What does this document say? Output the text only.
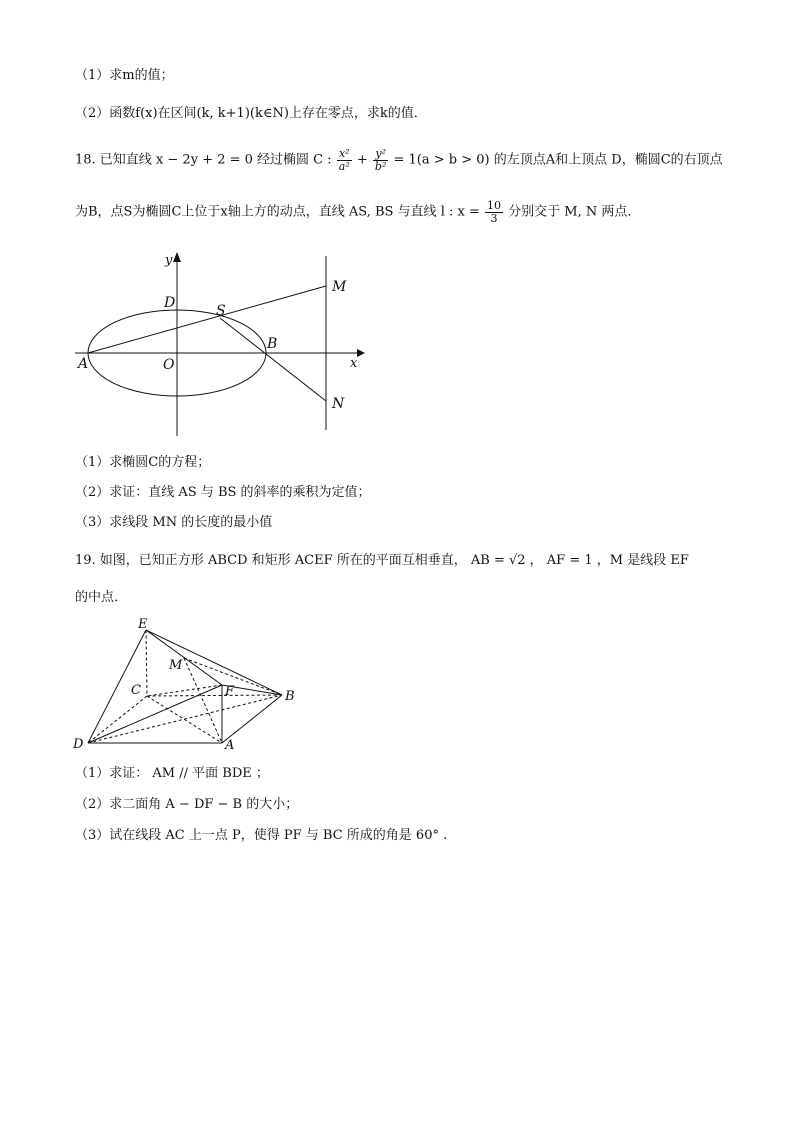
（1）求m的值；
（2）函数f(x)在区间(k, k+1)(k∈N)上存在零点，求k的值．
18. 已知直线 x − 2y + 2 = 0 经过椭圆 C : $\frac{\text{x²}}{\text{a²}} + \frac{\text{y²}}{\text{b²}} = 1(a > b > 0)$ 的左顶点A和上顶点 D，椭圆C的右顶点
为B，点S为椭圆C上位于x轴上方的动点，直线 AS, BS 与直线 l : $x = \frac{10}{3}$ 分别交于 M, N 两点．
y
x
D	S
M
A	O
B
N
（1）求椭圆C的方程；
（2）求证：直线 AS 与 BS 的斜率的乘积为定值；
（3）求线段 MN 的长度的最小值
19. 如图，已知正方形 ABCD 和矩形 ACEF 所在的平面互相垂直， AB = √2 ， AF = 1 ，M 是线段 EF
的中点．
E
M
C	F	B
D	A
（1）求证： AM // 平面 BDE ；
（2）求二面角 A − DF − B 的大小；
（3）试在线段 AC 上一点 P，使得 PF 与 BC 所成的角是 60° .
